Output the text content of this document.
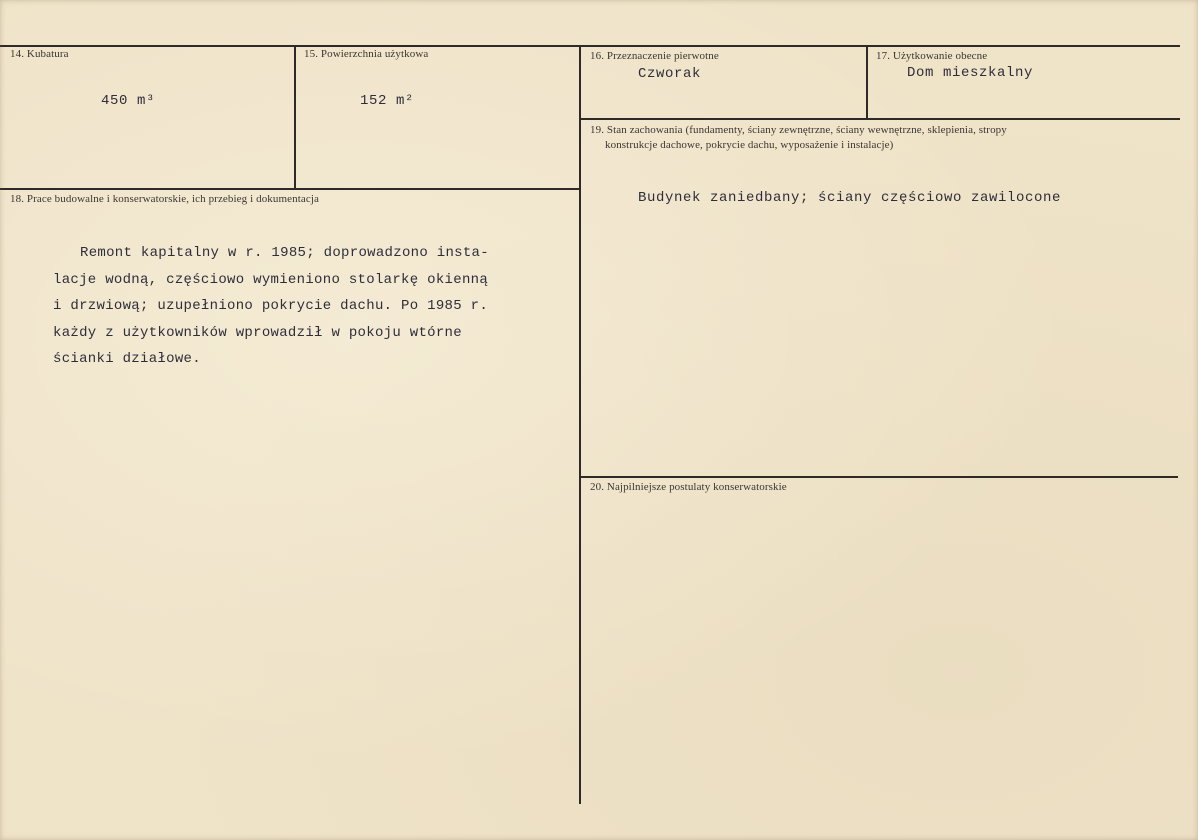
14. Kubatura
450 m³
15. Powierzchnia użytkowa
152 m²
16. Przeznaczenie pierwotne
Czworak
17. Użytkowanie obecne
Dom mieszkalny
18. Prace budowalne i konserwatorskie, ich przebieg i dokumentacja
Remont kapitalny w r. 1985; doprowadzono insta-
lacje wodną, częściowo wymieniono stolarkę okienną
i drzwiową; uzupełniono pokrycie dachu. Po 1985 r.
każdy z użytkowników wprowadził w pokoju wtórne
ścianki działowe.
19. Stan zachowania (fundamenty, ściany zewnętrzne, ściany wewnętrzne, sklepienia, stropy
konstrukcje dachowe, pokrycie dachu, wyposażenie i instalacje)
Budynek zaniedbany; ściany częściowo zawilocone
20. Najpilniejsze postulaty konserwatorskie
